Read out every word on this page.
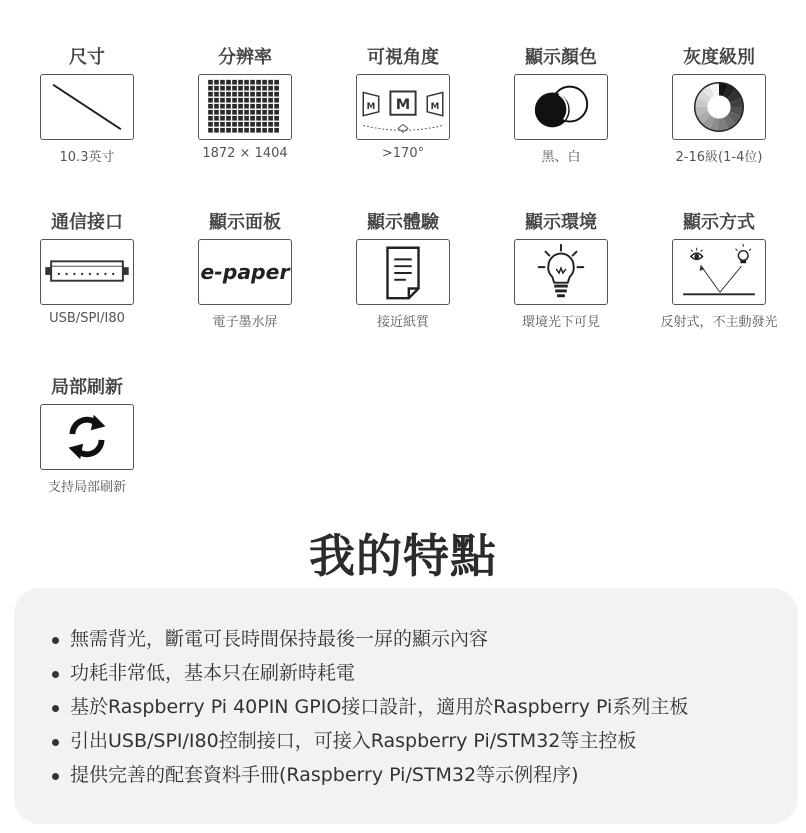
尺寸
10.3英寸
分辨率
1872 × 1404
可視角度
M M M
>170°
顯示顏色
黑、白
灰度級別
2-16級(1-4位)
通信接口
USB/SPI/I80
顯示面板
e-paper
電子墨水屏
顯示體驗
接近紙質
顯示環境
環境光下可見
顯示方式
反射式，不主動發光
局部刷新
支持局部刷新
我的特點
無需背光，斷電可長時間保持最後一屏的顯示內容
功耗非常低，基本只在刷新時耗電
基於Raspberry Pi 40PIN GPIO接口設計，適用於Raspberry Pi系列主板
引出USB/SPI/I80控制接口，可接入Raspberry Pi/STM32等主控板
提供完善的配套資料手冊(Raspberry Pi/STM32等示例程序)
